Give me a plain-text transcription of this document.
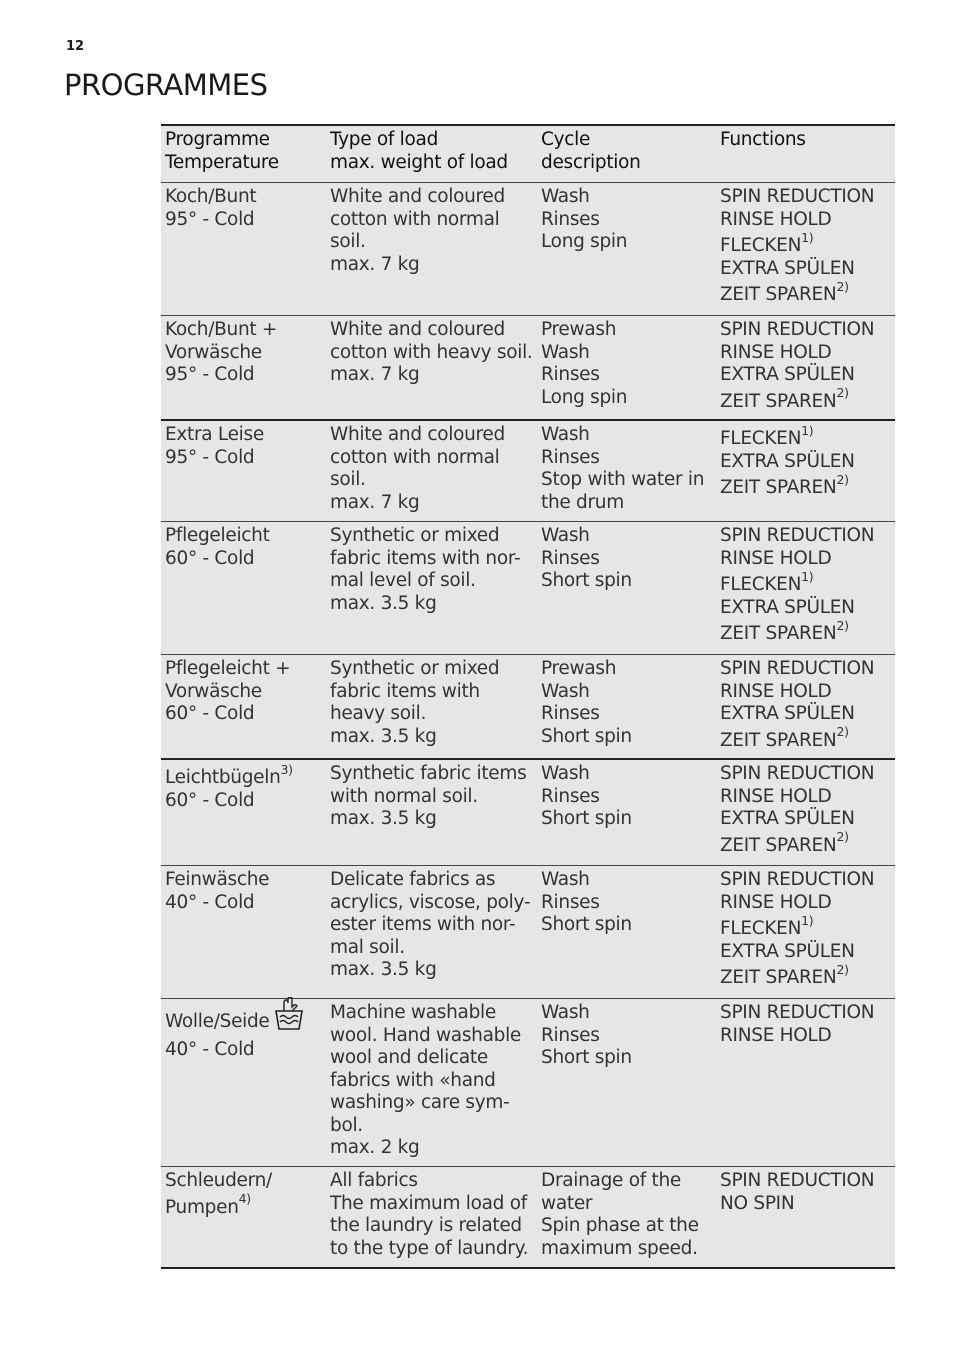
12
PROGRAMMES
Programme
Temperature
Type of load
max. weight of load
Cycle
description
Functions
Koch/Bunt
95° - Cold
White and coloured
cotton with normal
soil.
max. 7 kg
Wash
Rinses
Long spin
SPIN REDUCTION
RINSE HOLD
FLECKEN$^{1)}$
EXTRA SPÜLEN
ZEIT SPAREN$^{2)}$
Koch/Bunt +
Vorwäsche
95° - Cold
White and coloured
cotton with heavy soil.
max. 7 kg
Prewash
Wash
Rinses
Long spin
SPIN REDUCTION
RINSE HOLD
EXTRA SPÜLEN
ZEIT SPAREN$^{2)}$
Extra Leise
95° - Cold
White and coloured
cotton with normal
soil.
max. 7 kg
Wash
Rinses
Stop with water in
the drum
FLECKEN$^{1)}$
EXTRA SPÜLEN
ZEIT SPAREN$^{2)}$
Pflegeleicht
60° - Cold
Synthetic or mixed
fabric items with nor-
mal level of soil.
max. 3.5 kg
Wash
Rinses
Short spin
SPIN REDUCTION
RINSE HOLD
FLECKEN$^{1)}$
EXTRA SPÜLEN
ZEIT SPAREN$^{2)}$
Pflegeleicht +
Vorwäsche
60° - Cold
Synthetic or mixed
fabric items with
heavy soil.
max. 3.5 kg
Prewash
Wash
Rinses
Short spin
SPIN REDUCTION
RINSE HOLD
EXTRA SPÜLEN
ZEIT SPAREN$^{2)}$
Leichtbügeln$^{3)}$
60° - Cold
Synthetic fabric items
with normal soil.
max. 3.5 kg
Wash
Rinses
Short spin
SPIN REDUCTION
RINSE HOLD
EXTRA SPÜLEN
ZEIT SPAREN$^{2)}$
Feinwäsche
40° - Cold
Delicate fabrics as
acrylics, viscose, poly-
ester items with nor-
mal soil.
max. 3.5 kg
Wash
Rinses
Short spin
SPIN REDUCTION
RINSE HOLD
FLECKEN$^{1)}$
EXTRA SPÜLEN
ZEIT SPAREN$^{2)}$
Wolle/Seide
40° - Cold
Machine washable
wool. Hand washable
wool and delicate
fabrics with «hand
washing» care sym-
bol.
max. 2 kg
Wash
Rinses
Short spin
SPIN REDUCTION
RINSE HOLD
Schleudern/
Pumpen$^{4)}$
All fabrics
The maximum load of
the laundry is related
to the type of laundry.
Drainage of the
water
Spin phase at the
maximum speed.
SPIN REDUCTION
NO SPIN
